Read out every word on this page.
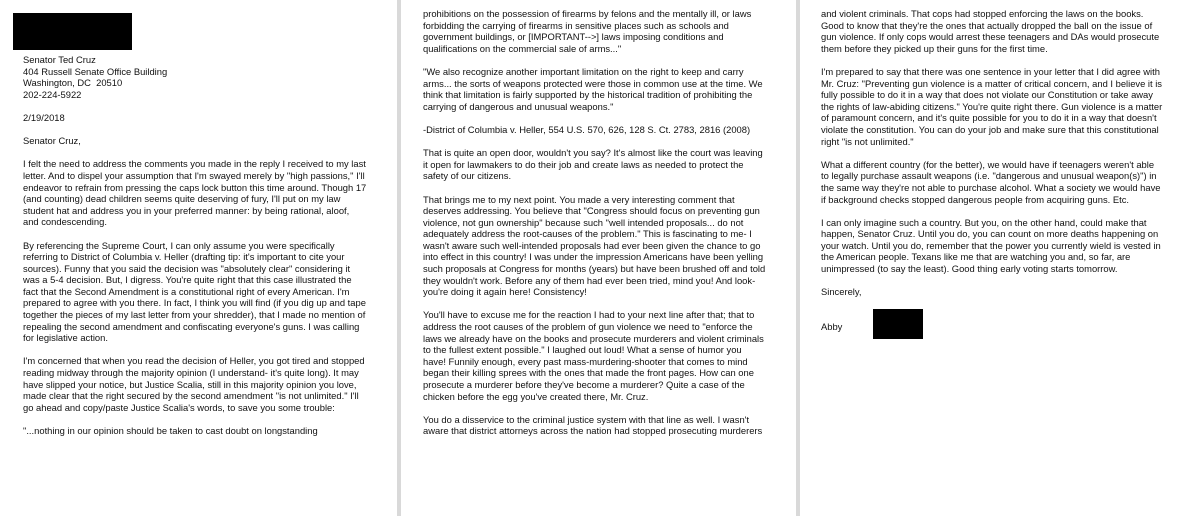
Senator Ted Cruz
404 Russell Senate Office Building
Washington, DC  20510
202-224-5922
2/19/2018
Senator Cruz,
I felt the need to address the comments you made in the reply I received to my last
letter. And to dispel your assumption that I'm swayed merely by "high passions," I'll
endeavor to refrain from pressing the caps lock button this time around. Though 17
(and counting) dead children seems quite deserving of fury, I'll put on my law
student hat and address you in your preferred manner: by being rational, aloof,
and condescending.
By referencing the Supreme Court, I can only assume you were specifically
referring to District of Columbia v. Heller (drafting tip: it's important to cite your
sources). Funny that you said the decision was "absolutely clear" considering it
was a 5-4 decision. But, I digress. You're quite right that this case illustrated the
fact that the Second Amendment is a constitutional right of every American. I'm
prepared to agree with you there. In fact, I think you will find (if you dig up and tape
together the pieces of my last letter from your shredder), that I made no mention of
repealing the second amendment and confiscating everyone's guns. I was calling
for legislative action.
I'm concerned that when you read the decision of Heller, you got tired and stopped
reading midway through the majority opinion (I understand- it's quite long). It may
have slipped your notice, but Justice Scalia, still in this majority opinion you love,
made clear that the right secured by the second amendment "is not unlimited." I'll
go ahead and copy/paste Justice Scalia's words, to save you some trouble:
"...nothing in our opinion should be taken to cast doubt on longstanding
prohibitions on the possession of firearms by felons and the mentally ill, or laws
forbidding the carrying of firearms in sensitive places such as schools and
government buildings, or [IMPORTANT-->] laws imposing conditions and
qualifications on the commercial sale of arms..."
"We also recognize another important limitation on the right to keep and carry
arms... the sorts of weapons protected were those in common use at the time. We
think that limitation is fairly supported by the historical tradition of prohibiting the
carrying of dangerous and unusual weapons."
-District of Columbia v. Heller, 554 U.S. 570, 626, 128 S. Ct. 2783, 2816 (2008)
That is quite an open door, wouldn't you say? It's almost like the court was leaving
it open for lawmakers to do their job and create laws as needed to protect the
safety of our citizens.
That brings me to my next point. You made a very interesting comment that
deserves addressing. You believe that "Congress should focus on preventing gun
violence, not gun ownership" because such "well intended proposals... do not
adequately address the root-causes of the problem." This is fascinating to me- I
wasn't aware such well-intended proposals had ever been given the chance to go
into effect in this country! I was under the impression Americans have been yelling
such proposals at Congress for months (years) but have been brushed off and told
they wouldn't work. Before any of them had ever been tried, mind you! And look-
you're doing it again here! Consistency!
You'll have to excuse me for the reaction I had to your next line after that; that to
address the root causes of the problem of gun violence we need to "enforce the
laws we already have on the books and prosecute murderers and violent criminals
to the fullest extent possible." I laughed out loud! What a sense of humor you
have! Funnily enough, every past mass-murdering-shooter that comes to mind
began their killing sprees with the ones that made the front pages. How can one
prosecute a murderer before they've become a murderer? Quite a case of the
chicken before the egg you've created there, Mr. Cruz.
You do a disservice to the criminal justice system with that line as well. I wasn't
aware that district attorneys across the nation had stopped prosecuting murderers
and violent criminals. That cops had stopped enforcing the laws on the books.
Good to know that they're the ones that actually dropped the ball on the issue of
gun violence. If only cops would arrest these teenagers and DAs would prosecute
them before they picked up their guns for the first time.
I'm prepared to say that there was one sentence in your letter that I did agree with
Mr. Cruz: "Preventing gun violence is a matter of critical concern, and I believe it is
fully possible to do it in a way that does not violate our Constitution or take away
the rights of law-abiding citizens." You're quite right there. Gun violence is a matter
of paramount concern, and it's quite possible for you to do it in a way that doesn't
violate the constitution. You can do your job and make sure that this constitutional
right "is not unlimited."
What a different country (for the better), we would have if teenagers weren't able
to legally purchase assault weapons (i.e. "dangerous and unusual weapon(s)") in
the same way they're not able to purchase alcohol. What a society we would have
if background checks stopped dangerous people from acquiring guns. Etc.
I can only imagine such a country. But you, on the other hand, could make that
happen, Senator Cruz. Until you do, you can count on more deaths happening on
your watch. Until you do, remember that the power you currently wield is vested in
the American people. Texans like me that are watching you and, so far, are
unimpressed (to say the least). Good thing early voting starts tomorrow.
Sincerely,
Abby
